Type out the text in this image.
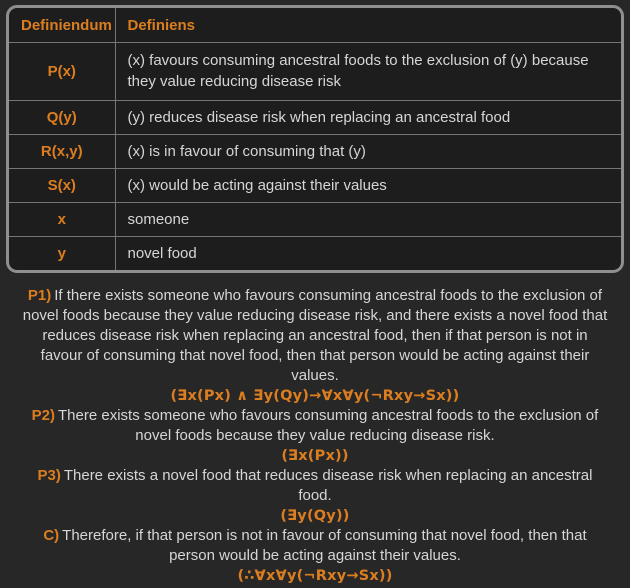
Definiendum	Definiens
P(x)	(x) favours consuming ancestral foods to the exclusion of (y) because they value reducing disease risk
Q(y)	(y) reduces disease risk when replacing an ancestral food
R(x,y)	(x) is in favour of consuming that (y)
S(x)	(x) would be acting against their values
x	someone
y	novel food

P1) If there exists someone who favours consuming ancestral foods to the exclusion of novel foods because they value reducing disease risk, and there exists a novel food that reduces disease risk when replacing an ancestral food, then if that person is not in favour of consuming that novel food, then that person would be acting against their values.

(∃x(Px) ∧ ∃y(Qy)→∀x∀y(¬Rxy→Sx))

P2) There exists someone who favours consuming ancestral foods to the exclusion of novel foods because they value reducing disease risk.

(∃x(Px))

P3) There exists a novel food that reduces disease risk when replacing an ancestral food.

(∃y(Qy))

C) Therefore, if that person is not in favour of consuming that novel food, then that person would be acting against their values.

(∴∀x∀y(¬Rxy→Sx))
